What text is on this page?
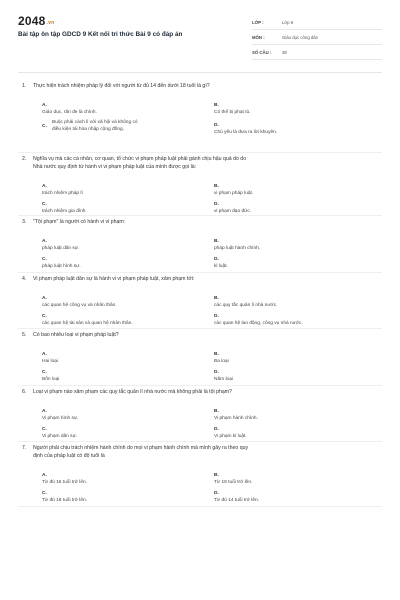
2048.vn
Bài tập ôn tập GDCD 9 Kết nối tri thức Bài 9 có đáp án
LỚP :	Lớp 9
MÔN :	Giáo dục công dân
SỐ CÂU :	38
1. Thực hiện trách nhiệm pháp lý đối với người từ đủ 14 đến dưới 18 tuổi là gì?
A.
Giáo dục, răn đe là chính.
B.
Có thể bị phạt tù.
C.
Buộc phải cách li với xã hội và không có
điều kiện tái hòa nhập cộng đồng.
D.
Chủ yếu là đưa ra lời khuyên.
2. Nghĩa vụ mà các cá nhân, cơ quan, tổ chức vi phạm pháp luật phải gánh chịu hậu quả do do
Nhà nước quy định từ hành vi vi phạm pháp luật của mình được gọi là:
A.
trách nhiệm pháp lí
B.
vi phạm pháp luật.
C.
trách nhiệm gia đình
D.
vi phạm đạo đức.
3. "Tội phạm" là người có hành vi vi phạm:
A.
pháp luật dân sự.
B.
pháp luật hành chính.
C.
pháp luật hình sự.
D.
kỉ luật.
4. Vi phạm pháp luật dân sự là hành vi vi phạm pháp luật, xâm phạm tới:
A.
các quan hệ công vụ và nhân thân.
B.
các quy tắc quản lí nhà nước.
C.
các quan hệ tài sản và quan hệ nhân thân.
D.
các quan hệ lao động, công vụ nhà nước.
5. Có bao nhiêu loại vi phạm pháp luật?
A.
Hai loại
B.
Ba loại
C.
Bốn loại
D.
Năm loại
6. Loại vi phạm nào xâm phạm các quy tắc quản lí nhà nước mà không phải là tội phạm?
A.
Vi phạm hình sự.
B.
Vi phạm hành chính.
C.
Vi phạm dân sự.
D.
Vi phạm kỉ luật.
7. Người phải chịu trách nhiệm hành chính do mọi vi phạm hành chính mà mình gây ra theo quy
định của pháp luật có độ tuổi là
A.
Từ đủ 16 tuổi trở lên.
B.
Từ 18 tuổi trở lên.
C.
Từ đủ 18 tuổi trở lên.
D.
Từ đủ 14 tuổi trở lên.
